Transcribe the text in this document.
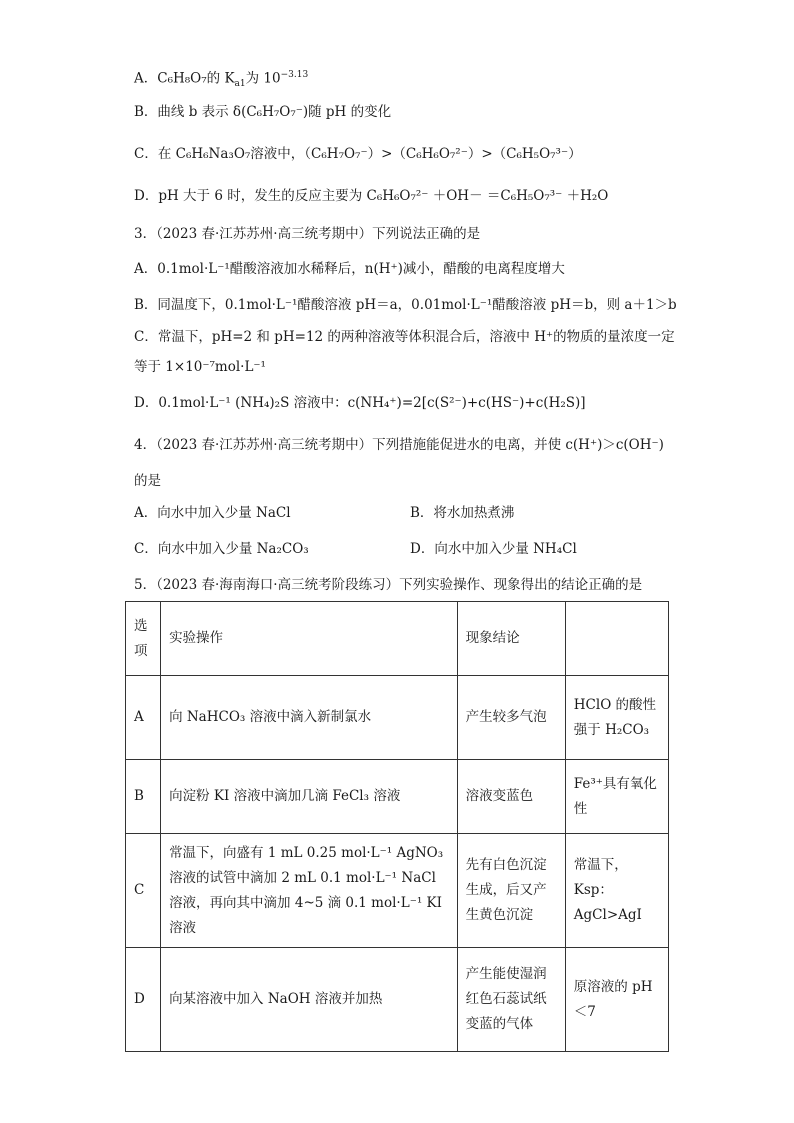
A．C₆H₈O₇的 $K_{a1}$为 $10^{-3.13}$
B．曲线 b 表示 δ(C₆H₇O₇⁻)随 pH 的变化
C．在 C₆H₆Na₃O₇溶液中，（C₆H₇O₇⁻）>（C₆H₆O₇²⁻）>（C₆H₅O₇³⁻）
D．pH 大于 6 时，发生的反应主要为 C₆H₆O₇²⁻ ＋OH－ ＝C₆H₅O₇³⁻ ＋H₂O
3．（2023 春·江苏苏州·高三统考期中）下列说法正确的是
A．0.1mol·L⁻¹醋酸溶液加水稀释后，n(H⁺)减小，醋酸的电离程度增大
B．同温度下，0.1mol·L⁻¹醋酸溶液 pH＝a，0.01mol·L⁻¹醋酸溶液 pH＝b，则 a＋1＞b
C．常温下，pH=2 和 pH=12 的两种溶液等体积混合后，溶液中 H⁺的物质的量浓度一定
等于 1×10⁻⁷mol·L⁻¹
D．0.1mol·L⁻¹ (NH₄)₂S 溶液中：c(NH₄⁺)=2[c(S²⁻)+c(HS⁻)+c(H₂S)]
4．（2023 春·江苏苏州·高三统考期中）下列措施能促进水的电离，并使 c(H⁺)＞c(OH⁻)
的是
A．向水中加入少量 NaCl	B．将水加热煮沸
C．向水中加入少量 Na₂CO₃	D．向水中加入少量 NH₄Cl
5．（2023 春·海南海口·高三统考阶段练习）下列实验操作、现象得出的结论正确的是
选项	实验操作	现象结论	
A	向 NaHCO₃ 溶液中滴入新制氯水	产生较多气泡	HClO 的酸性强于 H₂CO₃
B	向淀粉 KI 溶液中滴加几滴 FeCl₃ 溶液	溶液变蓝色	Fe³⁺具有氧化性
C	常温下，向盛有 1 mL 0.25 mol·L⁻¹ AgNO₃ 溶液的试管中滴加 2 mL 0.1 mol·L⁻¹ NaCl 溶液，再向其中滴加 4~5 滴 0.1 mol·L⁻¹ KI 溶液	先有白色沉淀生成，后又产生黄色沉淀	常温下，Ksp：AgCl>AgI
D	向某溶液中加入 NaOH 溶液并加热	产生能使湿润红色石蕊试纸变蓝的气体	原溶液的 pH＜7
